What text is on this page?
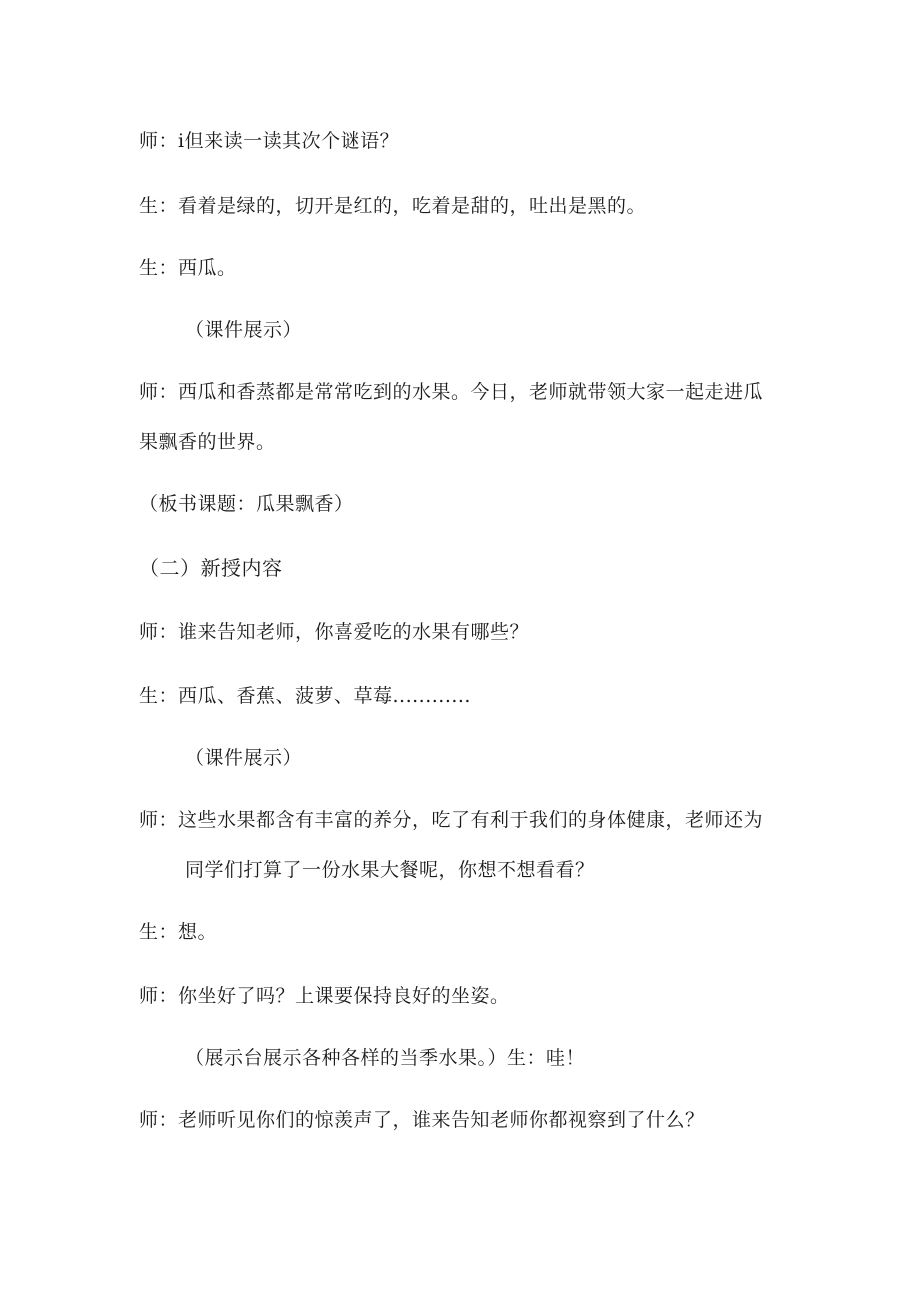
师：i但来读一读其次个谜语？

生：看着是绿的，切开是红的，吃着是甜的，吐出是黑的。

生：西瓜。

（课件展示）

师：西瓜和香蒸都是常常吃到的水果。今日，老师就带领大家一起走进瓜

果飘香的世界。

（板书课题：瓜果飘香）

（二）新授内容

师：谁来告知老师，你喜爱吃的水果有哪些？

生：西瓜、香蕉、菠萝、草莓............

（课件展示）

师：这些水果都含有丰富的养分，吃了有利于我们的身体健康，老师还为

同学们打算了一份水果大餐呢，你想不想看看？

生：想。

师：你坐好了吗？上课要保持良好的坐姿。

（展示台展示各种各样的当季水果。）生：哇！

师：老师听见你们的惊羡声了，谁来告知老师你都视察到了什么？
